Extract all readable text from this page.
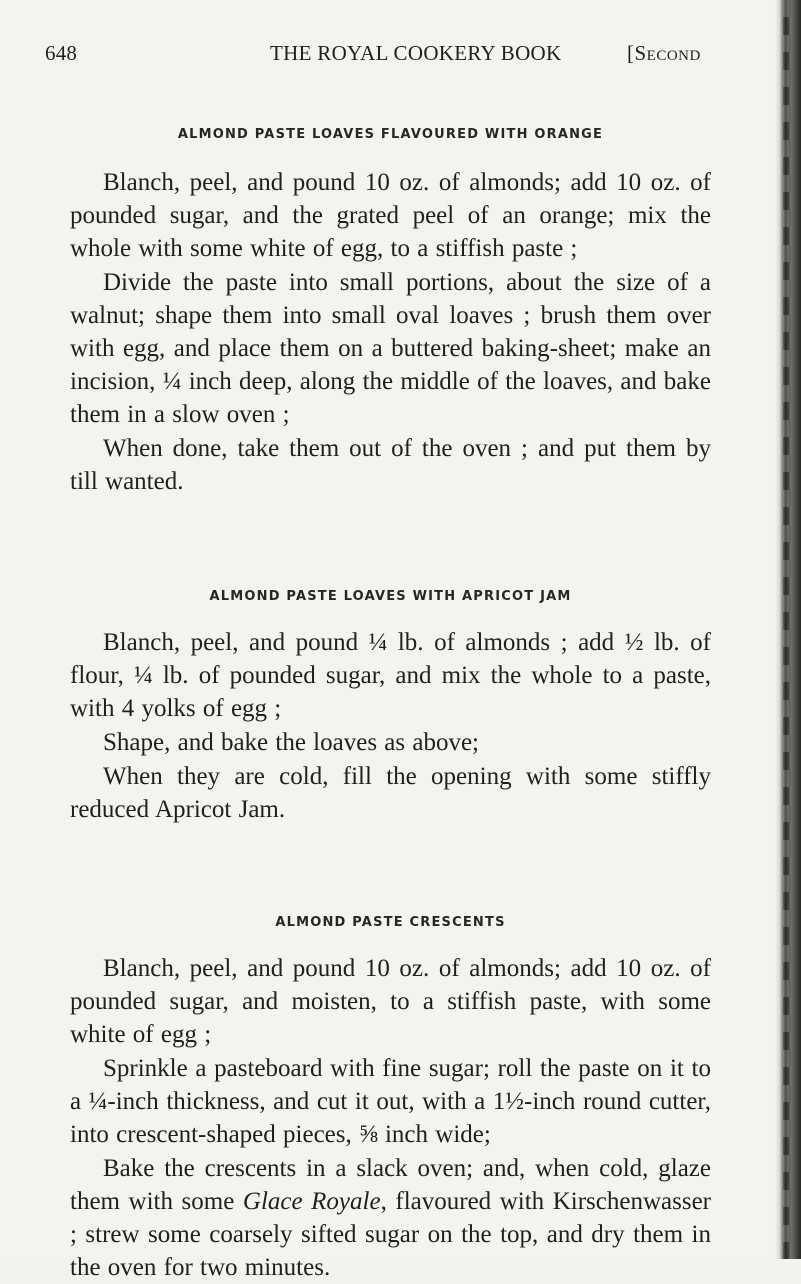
648	THE ROYAL COOKERY BOOK	[Second
ALMOND PASTE LOAVES FLAVOURED WITH ORANGE

Blanch, peel, and pound 10 oz. of almonds; add 10 oz. of pounded sugar, and the grated peel of an orange; mix the whole with some white of egg, to a stiffish paste ;

Divide the paste into small portions, about the size of a walnut; shape them into small oval loaves ; brush them over with egg, and place them on a buttered baking-sheet; make an incision, ¼ inch deep, along the middle of the loaves, and bake them in a slow oven ;

When done, take them out of the oven ; and put them by till wanted.

ALMOND PASTE LOAVES WITH APRICOT JAM

Blanch, peel, and pound ¼ lb. of almonds ; add ½ lb. of flour, ¼ lb. of pounded sugar, and mix the whole to a paste, with 4 yolks of egg ;

Shape, and bake the loaves as above;

When they are cold, fill the opening with some stiffly reduced Apricot Jam.

ALMOND PASTE CRESCENTS

Blanch, peel, and pound 10 oz. of almonds; add 10 oz. of pounded sugar, and moisten, to a stiffish paste, with some white of egg ;

Sprinkle a pasteboard with fine sugar; roll the paste on it to a ¼-inch thickness, and cut it out, with a 1½-inch round cutter, into crescent-shaped pieces, ⅝ inch wide;

Bake the crescents in a slack oven; and, when cold, glaze them with some Glace Royale, flavoured with Kirschenwasser ; strew some coarsely sifted sugar on the top, and dry them in the oven for two minutes.
